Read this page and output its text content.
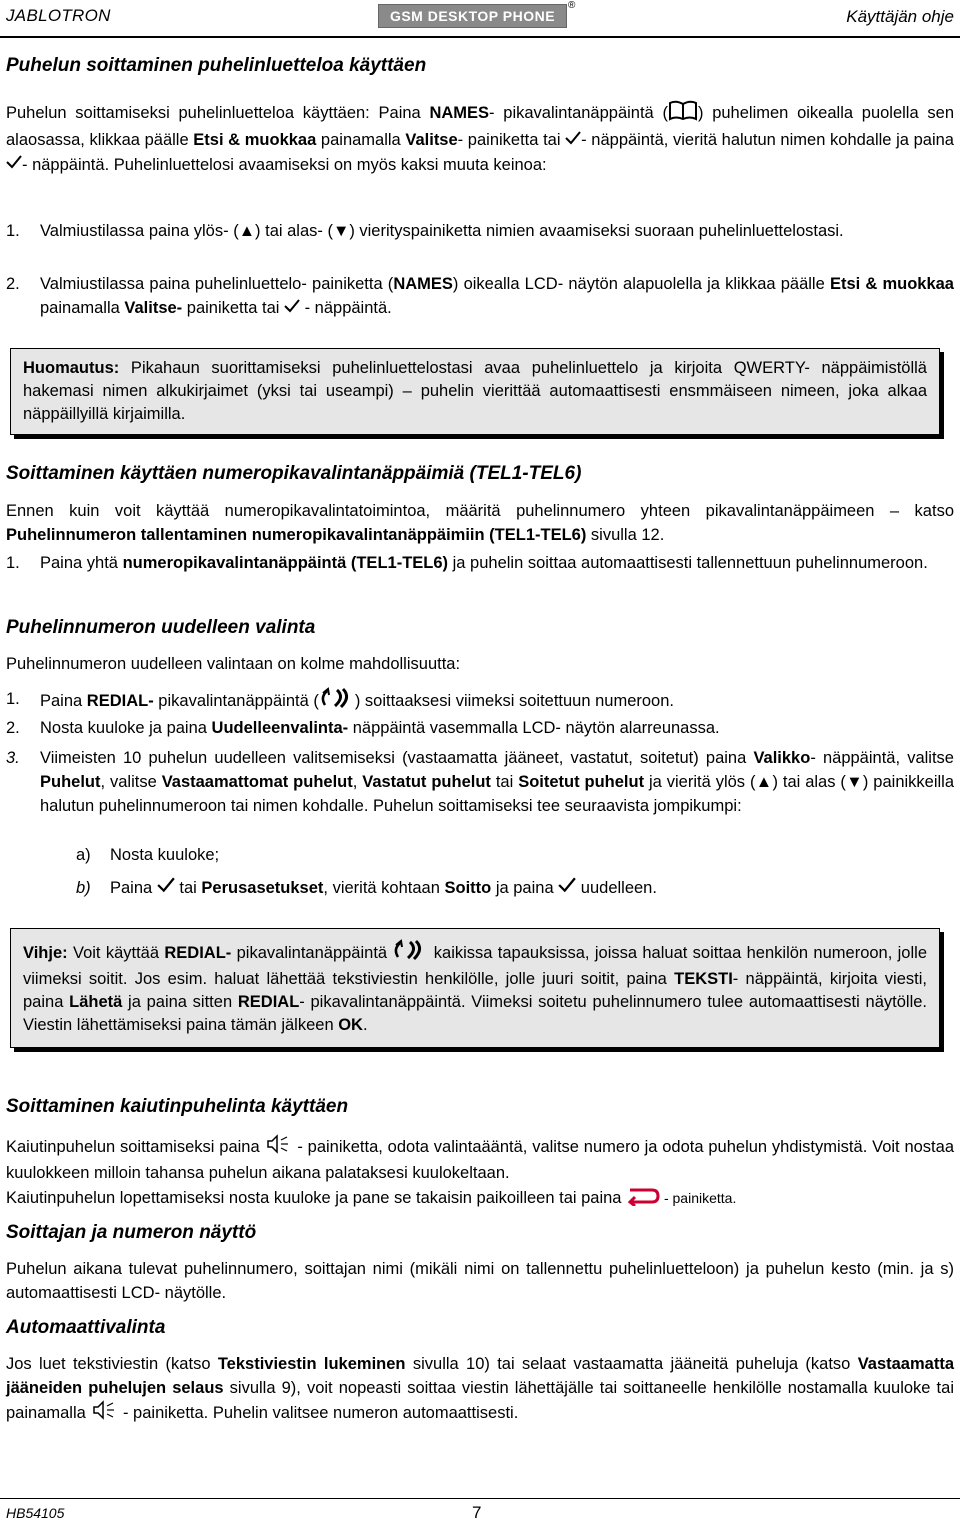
JABLOTRON	GSM DESKTOP PHONE
®
Käyttäjän ohje
Puhelun soittaminen puhelinluetteloa käyttäen
Puhelun soittamiseksi puhelinluetteloa käyttäen: Paina NAMES- pikavalintanäppäintä ( ) puhelimen oikealla puolella sen alaosassa, klikkaa päälle Etsi & muokkaa painamalla Valitse- painiketta tai - näppäintä, vieritä halutun nimen kohdalle ja paina - näppäintä. Puhelinluettelosi avaamiseksi on myös kaksi muuta keinoa:
1. Valmiustilassa paina ylös- (▲) tai alas- (▼) vierityspainiketta nimien avaamiseksi suoraan puhelinluettelostasi.
2. Valmiustilassa paina puhelinluettelo- painiketta (NAMES) oikealla LCD- näytön alapuolella ja klikkaa päälle Etsi & muokkaa painamalla Valitse- painiketta tai  - näppäintä.
Huomautus: Pikahaun suorittamiseksi puhelinluettelostasi avaa puhelinluettelo ja kirjoita QWERTY- näppäimistöllä hakemasi nimen alkukirjaimet (yksi tai useampi) – puhelin vierittää automaattisesti ensmmäiseen nimeen, joka alkaa näppäillyillä kirjaimilla.
Soittaminen käyttäen numeropikavalintanäppäimiä (TEL1-TEL6)
Ennen kuin voit käyttää numeropikavalintatoimintoa, määritä puhelinnumero yhteen pikavalintanäppäimeen – katso Puhelinnumeron tallentaminen numeropikavalintanäppäimiin (TEL1-TEL6) sivulla 12.
1. Paina yhtä numeropikavalintanäppäintä (TEL1-TEL6) ja puhelin soittaa automaattisesti tallennettuun puhelinnumeroon.
Puhelinnumeron uudelleen valinta
Puhelinnumeron uudelleen valintaan on kolme mahdollisuutta:
1. Paina REDIAL- pikavalintanäppäintä ( ) soittaaksesi viimeksi soitettuun numeroon.
2. Nosta kuuloke ja paina Uudelleenvalinta- näppäintä vasemmalla LCD- näytön alarreunassa.
3. Viimeisten 10 puhelun uudelleen valitsemiseksi (vastaamatta jääneet, vastatut, soitetut) paina Valikko- näppäintä, valitse Puhelut, valitse Vastaamattomat puhelut, Vastatut puhelut tai Soitetut puhelut ja vieritä ylös (▲) tai alas (▼) painikkeilla halutun puhelinnumeroon tai nimen kohdalle. Puhelun soittamiseksi tee seuraavista jompikumpi:
a) Nosta kuuloke;
b) Paina  tai Perusasetukset, vieritä kohtaan Soitto ja paina  uudelleen.
Vihje: Voit käyttää REDIAL- pikavalintanäppäintä  kaikissa tapauksissa, joissa haluat soittaa henkilön numeroon, jolle viimeksi soitit. Jos esim. haluat lähettää tekstiviestin henkilölle, jolle juuri soitit, paina TEKSTI- näppäintä, kirjoita viesti, paina Lähetä ja paina sitten REDIAL- pikavalintanäppäintä. Viimeksi soitetu puhelinnumero tulee automaattisesti näytölle. Viestin lähettämiseksi paina tämän jälkeen OK.
Soittaminen kaiutinpuhelinta käyttäen
Kaiutinpuhelun soittamiseksi paina  - painiketta, odota valintaääntä, valitse numero ja odota puhelun yhdistymistä. Voit nostaa kuulokkeen milloin tahansa puhelun aikana palataksesi kuulokeltaan.
Kaiutinpuhelun lopettamiseksi nosta kuuloke ja pane se takaisin paikoilleen tai paina  - painiketta.
Soittajan ja numeron näyttö
Puhelun aikana tulevat puhelinnumero, soittajan nimi (mikäli nimi on tallennettu puhelinluetteloon) ja puhelun kesto (min. ja s) automaattisesti LCD- näytölle.
Automaattivalinta
Jos luet tekstiviestin (katso Tekstiviestin lukeminen sivulla 10) tai selaat vastaamatta jääneitä puheluja (katso Vastaamatta jääneiden puhelujen selaus sivulla 9), voit nopeasti soittaa viestin lähettäjälle tai soittaneelle henkilölle nostamalla kuuloke tai painamalla  - painiketta. Puhelin valitsee numeron automaattisesti.
HB54105	7
